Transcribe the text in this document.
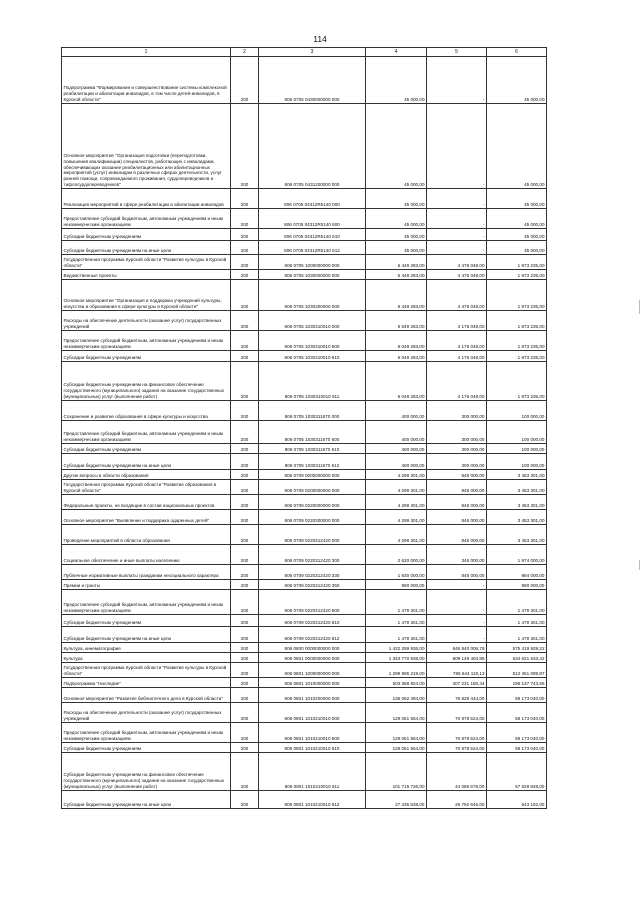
114
1	2	3	4	5	6
Подпрограмма "Формирование и совершенствование системы комплексной реабилитации и абилитации инвалидов, в том числе детей-инвалидов, в Курской области"	200	806 0705 0430000000 000	45 000,00	-	45 000,00
Основное мероприятие "Организация подготовки (переподготовки, повышения квалификации) специалистов, работающих с инвалидами, обеспечивающих оказание реабилитационных или абилитационных мероприятий (услуг) инвалидам в различных сферах деятельности, услуг ранней помощи, сопровождаемого проживания, сурдопереводчиков и тифлосурдопереводчиков"	200	806 0705 0431200000 000	45 000,00	-	45 000,00
Реализация мероприятий в сфере реабилитации и абилитации инвалидов	200	806 0705 04312R5140 000	45 000,00	-	45 000,00
Предоставление субсидий бюджетным, автономным учреждениям и иным некоммерческим организациям	200	806 0705 04312R5140 600	45 000,00	-	45 000,00
Субсидии бюджетным учреждениям	200	806 0705 04312R5140 610	45 000,00	-	45 000,00
Субсидии бюджетным учреждениям на иные цели	200	806 0705 04312R5140 612	45 000,00	-	45 000,00
Государственная программа Курской области "Развитие культуры в Курской области"	200	806 0705 1000000000 000	6 449 283,00	4 476 048,00	1 973 235,00
Ведомственные проекты	200	806 0705 1030000000 000	6 449 283,00	4 476 048,00	1 973 235,00
Основное мероприятие "Организация и поддержка учреждений культуры, искусства и образования в сфере культуры в Курской области"	200	806 0705 1030300000 000	6 449 283,00	4 476 048,00	1 973 235,00
Расходы на обеспечение деятельности (оказание услуг) государственных учреждений	200	806 0705 1030310010 000	6 649 283,00	4 176 048,00	1 873 235,00
Предоставление субсидий бюджетным, автономным учреждениям и иным некоммерческим организациям	200	806 0705 1030310010 600	6 049 283,00	4 176 048,00	1 873 235,00
Субсидии бюджетным учреждениям	200	806 0705 1030310010 610	6 049 283,00	4 176 048,00	1 873 235,00
Субсидии бюджетным учреждениям на финансовое обеспечение государственного (муниципального) задания на оказание государственных (муниципальных) услуг (выполнение работ)	200	806 0705 1030310010 611	6 049 283,00	4 176 048,00	1 873 235,00
Сохранение и развитие образования в сфере культуры и искусства	200	806 0705 1030311670 000	400 000,00	300 000,00	100 000,00
Предоставление субсидий бюджетным, автономным учреждениям и иным некоммерческим организациям	200	806 0705 1030311670 600	400 000,00	300 000,00	100 000,00
Субсидии бюджетным учреждениям	200	806 0705 1030311670 610	400 000,00	300 000,00	100 000,00
Субсидии бюджетным учреждениям на иные цели	200	806 0705 1030311670 612	400 000,00	300 000,00	100 000,00
Другие вопросы в области образования	200	806 0709 0000000000 000	4 299 301,00	846 000,00	3 453 301,00
Государственная программа Курской области "Развитие образования в Курской области"	200	806 0709 0200000000 000	4 299 301,00	846 000,00	3 453 301,00
Федеральные проекты, не входящие в состав национальных проектов	200	806 0709 0220000000 000	4 299 301,00	846 000,00	3 453 301,00
Основное мероприятие "Выявление и поддержка одаренных детей"	200	806 0709 0220300000 000	4 299 301,00	846 000,00	3 453 301,00
Проведение мероприятий в области образования	200	806 0709 0220312420 000	4 299 301,00	846 000,00	3 453 301,00
Социальное обеспечение и иные выплаты населению	200	806 0709 0220312420 300	2 620 000,00	346 000,00	1 974 000,00
Публичные нормативные выплаты гражданам несоциального характера	200	806 0709 0220312420 330	1 830 000,00	846 000,00	984 000,00
Премии и гранты	200	806 0709 0220312420 350	990 000,00	-	990 000,00
Предоставление субсидий бюджетным, автономным учреждениям и иным некоммерческим организациям	200	806 0709 0220312420 600	1 479 301,00	-	1 479 301,00
Субсидии бюджетным учреждениям	200	806 0709 0220312420 610	1 479 301,00	-	1 479 301,00
Субсидии бюджетным учреждениям на иные цели	200	806 0709 0220312420 612	1 479 301,00	-	1 479 301,00
Культура, кинематография	200	806 0800 0000000000 000	1 422 259 936,00	846 840 006,78	575 419 929,22
Культура	200	806 0801 0000000000 000	1 343 770 938,00	809 149 404,88	534 621 533,42
Государственная программа Курской области "Развитие культуры в Курской области"	200	806 0801 1000000000 000	1 299 995 219,00	786 644 119,13	512 451 099,87
Подпрограмма "Наследие"	200	806 0801 1010000000 000	503 368 824,00	407 231 180,44	196 137 743,56
Основное мероприятие "Развитие библиотечного дела в Курской области"	200	806 0801 1010200000 000	135 052 494,00	76 829 444,00	58 173 040,00
Расходы на обеспечение деятельности (оказание услуг) государственных учреждений	200	806 0801 1010210010 000	129 051 564,00	70 878 524,00	58 173 040,00
Предоставление субсидий бюджетным, автономным учреждениям и иным некоммерческим организациям	200	806 0801 1010210010 600	129 051 564,00	70 878 524,00	58 173 040,00
Субсидии бюджетным учреждениям	200	806 0801 1010210010 610	129 051 564,00	70 878 524,00	58 173 040,00
Субсидии бюджетным учреждениям на финансовое обеспечение государственного (муниципального) задания на оказание государственных (муниципальных) услуг (выполнение работ)	200	806 0801 1010210010 611	101 715 726,00	44 086 678,00	57 629 848,00
Субсидии бюджетным учреждениям на иные цели	200	806 0801 1010210010 612	27 335 838,00	26 792 646,00	543 192,00
